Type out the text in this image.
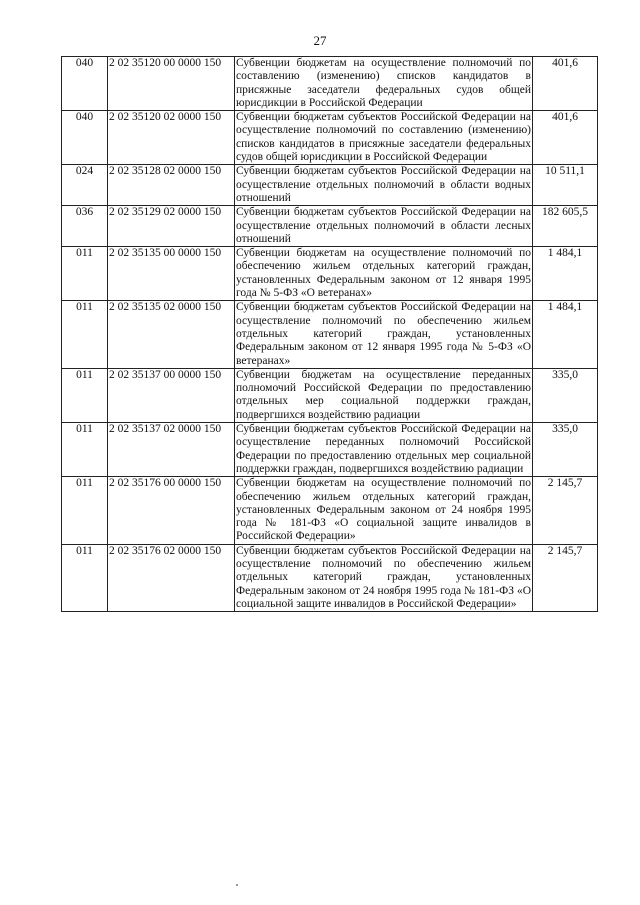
27
040	2 02 35120 00 0000 150	Субвенции бюджетам на осуществление полномочий по составлению (изменению) списков кандидатов в присяжные заседатели федеральных судов общей юрисдикции в Российской Федерации	401,6
040	2 02 35120 02 0000 150	Субвенции бюджетам субъектов Российской Федерации на осуществление полномочий по составлению (изменению) списков кандидатов в присяжные заседатели федеральных судов общей юрисдикции в Российской Федерации	401,6
024	2 02 35128 02 0000 150	Субвенции бюджетам субъектов Российской Федерации на осуществление отдельных полномочий в области водных отношений	10 511,1
036	2 02 35129 02 0000 150	Субвенции бюджетам субъектов Российской Федерации на осуществление отдельных полномочий в области лесных отношений	182 605,5
011	2 02 35135 00 0000 150	Субвенции бюджетам на осуществление полномочий по обеспечению жильем отдельных категорий граждан, установленных Федеральным законом от 12 января 1995 года № 5-ФЗ «О ветеранах»	1 484,1
011	2 02 35135 02 0000 150	Субвенции бюджетам субъектов Российской Федерации на осуществление полномочий по обеспечению жильем отдельных категорий граждан, установленных Федеральным законом от 12 января 1995 года № 5-ФЗ «О ветеранах»	1 484,1
011	2 02 35137 00 0000 150	Субвенции бюджетам на осуществление переданных полномочий Российской Федерации по предоставлению отдельных мер социальной поддержки граждан, подвергшихся воздействию радиации	335,0
011	2 02 35137 02 0000 150	Субвенции бюджетам субъектов Российской Федерации на осуществление переданных полномочий Российской Федерации по предоставлению отдельных мер социальной поддержки граждан, подвергшихся воздействию радиации	335,0
011	2 02 35176 00 0000 150	Субвенции бюджетам на осуществление полномочий по обеспечению жильем отдельных категорий граждан, установленных Федеральным законом от 24 ноября 1995 года № 181-ФЗ «О социальной защите инвалидов в Российской Федерации»	2 145,7
011	2 02 35176 02 0000 150	Субвенции бюджетам субъектов Российской Федерации на осуществление полномочий по обеспечению жильем отдельных категорий граждан, установленных Федеральным законом от 24 ноября 1995 года № 181-ФЗ «О социальной защите инвалидов в Российской Федерации»	2 145,7
